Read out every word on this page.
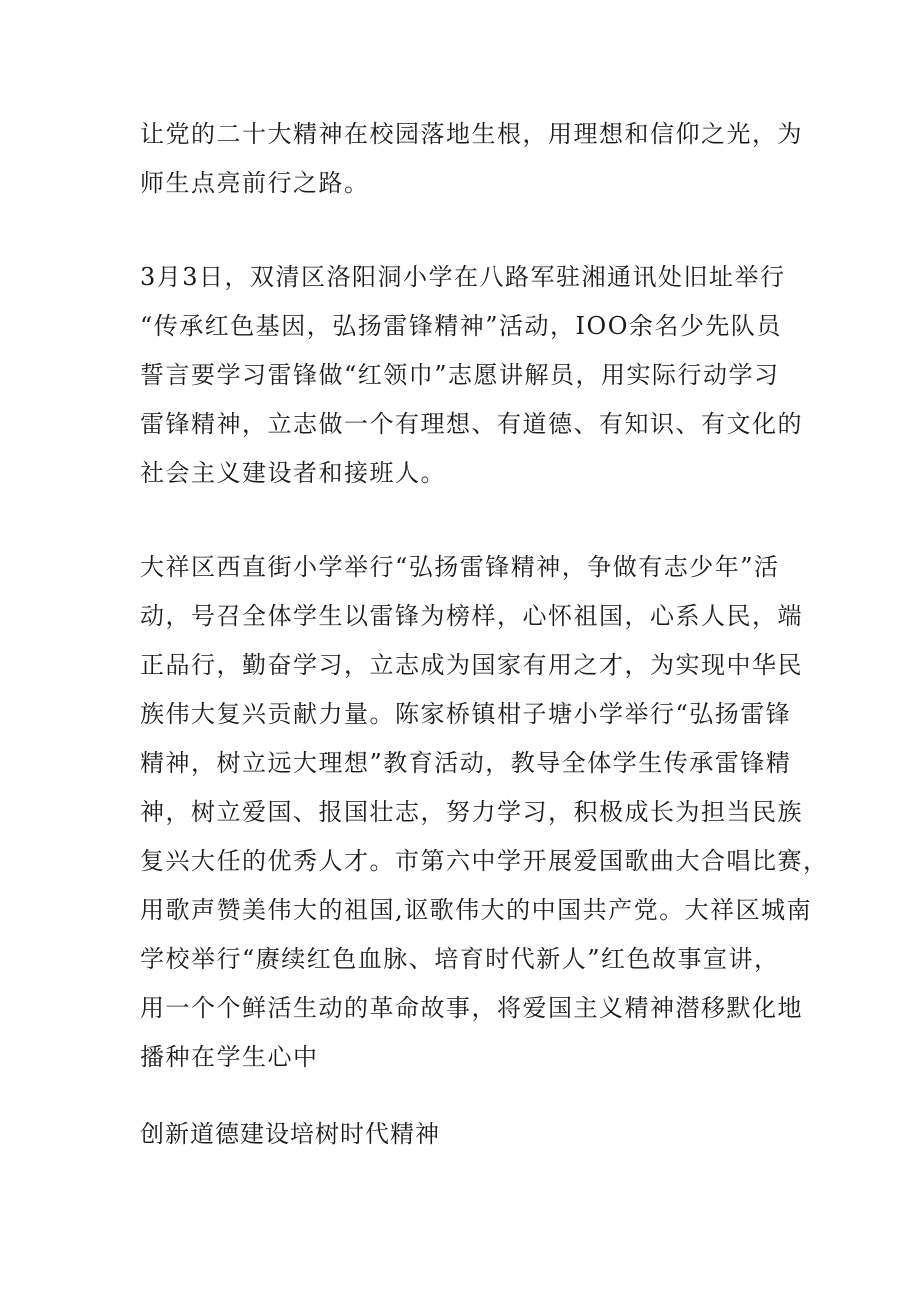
让党的二十大精神在校园落地生根，用理想和信仰之光，为
师生点亮前行之路。

3月3日，双清区洛阳洞小学在八路军驻湘通讯处旧址举行
“传承红色基因，弘扬雷锋精神”活动，IOO余名少先队员
誓言要学习雷锋做“红领巾”志愿讲解员，用实际行动学习
雷锋精神，立志做一个有理想、有道德、有知识、有文化的
社会主义建设者和接班人。

大祥区西直街小学举行“弘扬雷锋精神，争做有志少年”活
动，号召全体学生以雷锋为榜样，心怀祖国，心系人民，端
正品行，勤奋学习，立志成为国家有用之才，为实现中华民
族伟大复兴贡献力量。陈家桥镇柑子塘小学举行“弘扬雷锋
精神，树立远大理想”教育活动，教导全体学生传承雷锋精
神，树立爱国、报国壮志，努力学习，积极成长为担当民族
复兴大任的优秀人才。市第六中学开展爱国歌曲大合唱比赛，
用歌声赞美伟大的祖国,讴歌伟大的中国共产党。大祥区城南
学校举行“赓续红色血脉、培育时代新人”红色故事宣讲，
用一个个鲜活生动的革命故事，将爱国主义精神潜移默化地
播种在学生心中

创新道德建设培树时代精神
